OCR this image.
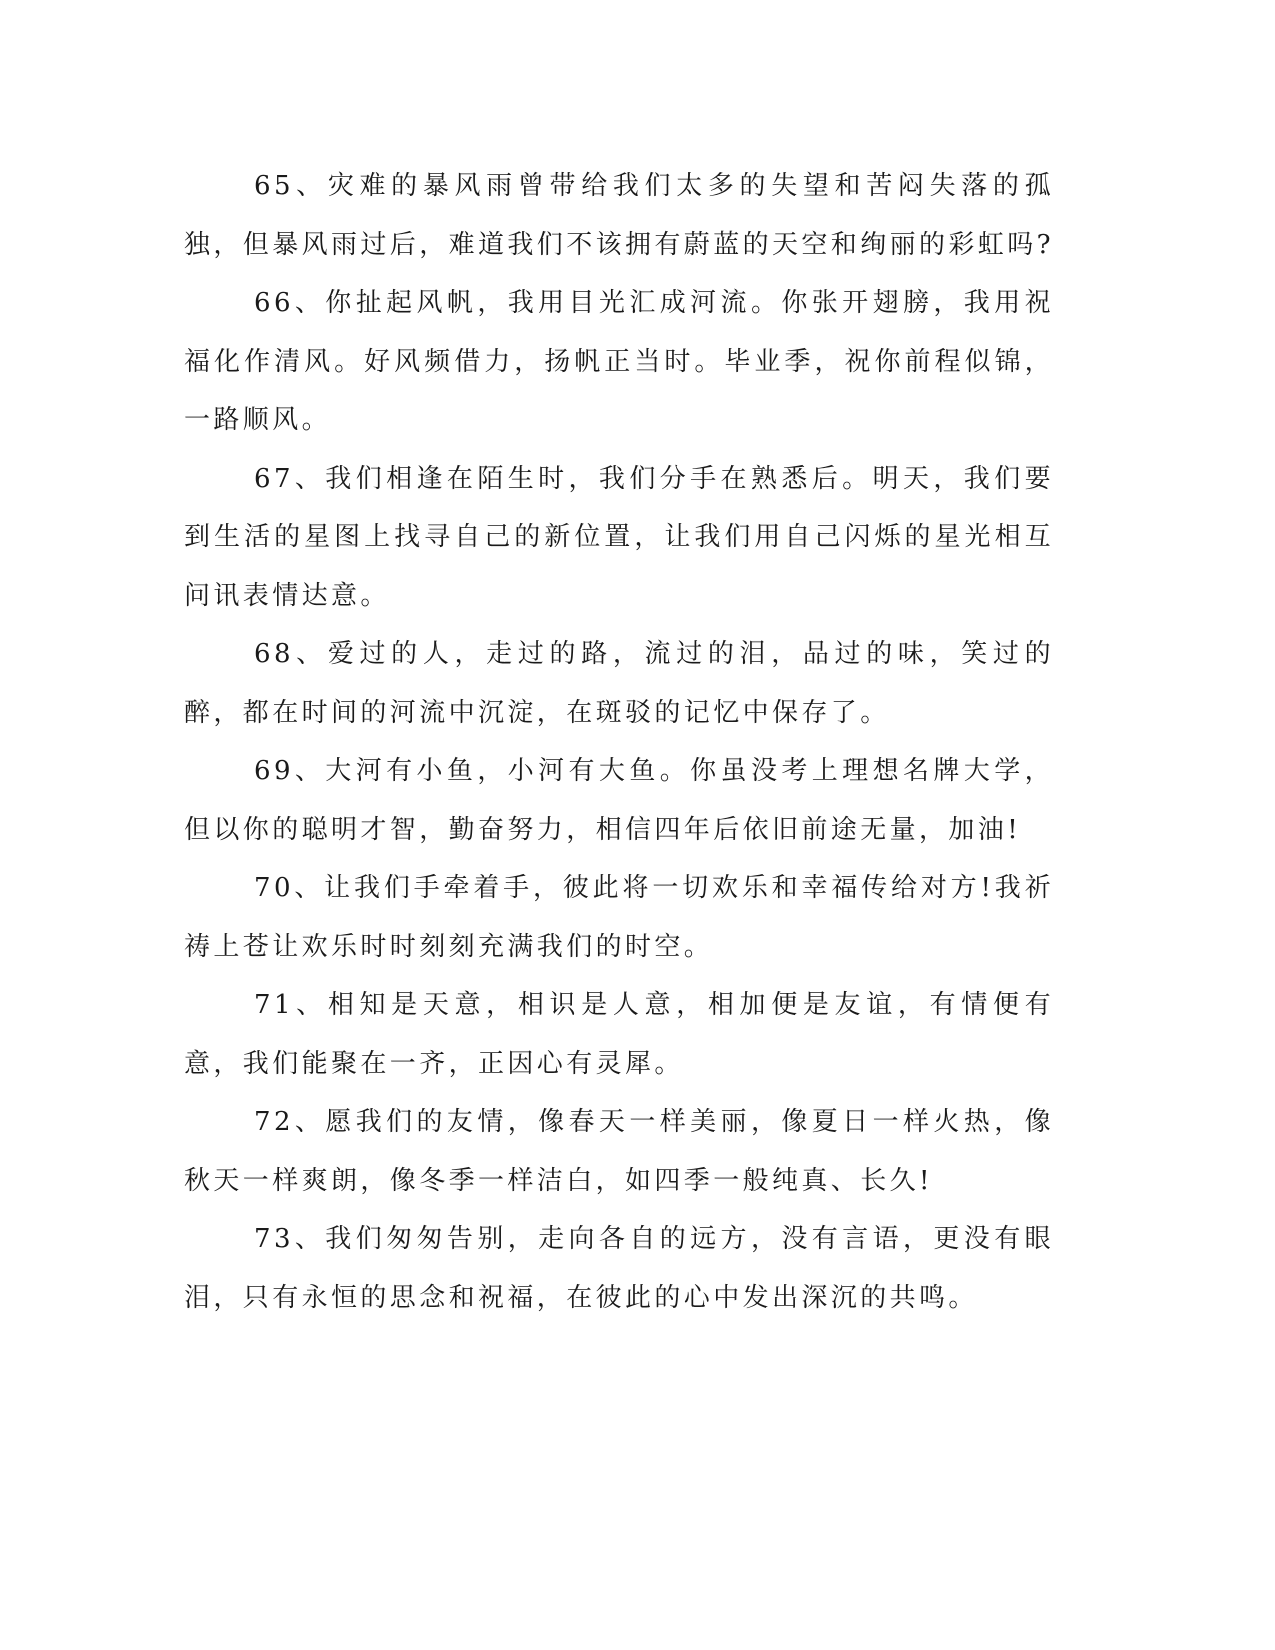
65、灾难的暴风雨曾带给我们太多的失望和苦闷失落的孤独，但暴风雨过后，难道我们不该拥有蔚蓝的天空和绚丽的彩虹吗?

66、你扯起风帆，我用目光汇成河流。你张开翅膀，我用祝福化作清风。好风频借力，扬帆正当时。毕业季，祝你前程似锦，一路顺风。

67、我们相逢在陌生时，我们分手在熟悉后。明天，我们要到生活的星图上找寻自己的新位置，让我们用自己闪烁的星光相互问讯表情达意。

68、爱过的人，走过的路，流过的泪，品过的味，笑过的醉，都在时间的河流中沉淀，在斑驳的记忆中保存了。

69、大河有小鱼，小河有大鱼。你虽没考上理想名牌大学，但以你的聪明才智，勤奋努力，相信四年后依旧前途无量，加油!

70、让我们手牵着手，彼此将一切欢乐和幸福传给对方!我祈祷上苍让欢乐时时刻刻充满我们的时空。

71、相知是天意，相识是人意，相加便是友谊，有情便有意，我们能聚在一齐，正因心有灵犀。

72、愿我们的友情，像春天一样美丽，像夏日一样火热，像秋天一样爽朗，像冬季一样洁白，如四季一般纯真、长久!

73、我们匆匆告别，走向各自的远方，没有言语，更没有眼泪，只有永恒的思念和祝福，在彼此的心中发出深沉的共鸣。
